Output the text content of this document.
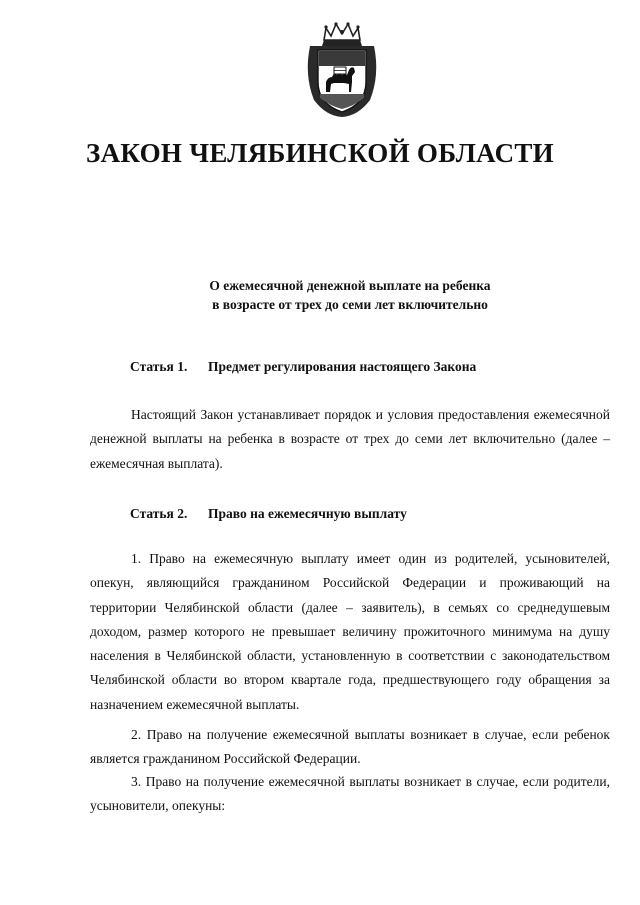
ЗАКОН ЧЕЛЯБИНСКОЙ ОБЛАСТИ
О ежемесячной денежной выплате на ребенка
в возрасте от трех до семи лет включительно
Статья 1. Предмет регулирования настоящего Закона

Настоящий Закон устанавливает порядок и условия предоставления ежемесячной денежной выплаты на ребенка в возрасте от трех до семи лет включительно (далее – ежемесячная выплата).

Статья 2. Право на ежемесячную выплату

1. Право на ежемесячную выплату имеет один из родителей, усыновителей, опекун, являющийся гражданином Российской Федерации и проживающий на территории Челябинской области (далее – заявитель), в семьях со среднедушевым доходом, размер которого не превышает величину прожиточного минимума на душу населения в Челябинской области, установленную в соответствии с законодательством Челябинской области во втором квартале года, предшествующего году обращения за назначением ежемесячной выплаты.

2. Право на получение ежемесячной выплаты возникает в случае, если ребенок является гражданином Российской Федерации.

3. Право на получение ежемесячной выплаты возникает в случае, если родители, усыновители, опекуны:
